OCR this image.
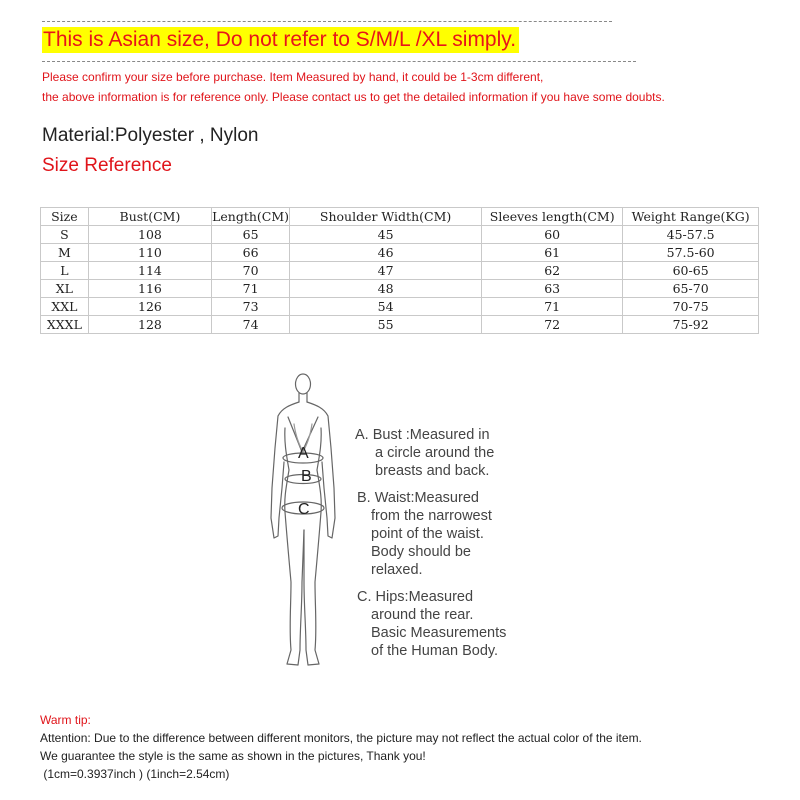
This is Asian size, Do not refer to S/M/L /XL simply.
Please confirm your size before purchase. Item Measured by hand, it could be 1-3cm different,
the above information is for reference only. Please contact us to get the detailed information if you have some doubts.
Material:Polyester , Nylon
Size Reference
Size	Bust(CM)	Length(CM)	Shoulder Width(CM)	Sleeves length(CM)	Weight Range(KG)
S	108	65	45	60	45-57.5
M	110	66	46	61	57.5-60
L	114	70	47	62	60-65
XL	116	71	48	63	65-70
XXL	126	73	54	71	70-75
XXXL	128	74	55	72	75-92
A
B
C
A. Bust :Measured in
a circle around the
breasts and back.
B. Waist:Measured
from the narrowest
point of the waist.
Body should be
relaxed.
C. Hips:Measured
around the rear.
Basic Measurements
of the Human Body.
Warm tip:
Attention: Due to the difference between different monitors, the picture may not reflect the actual color of the item.
We guarantee the style is the same as shown in the pictures, Thank you!
(1cm=0.3937inch ) (1inch=2.54cm)
